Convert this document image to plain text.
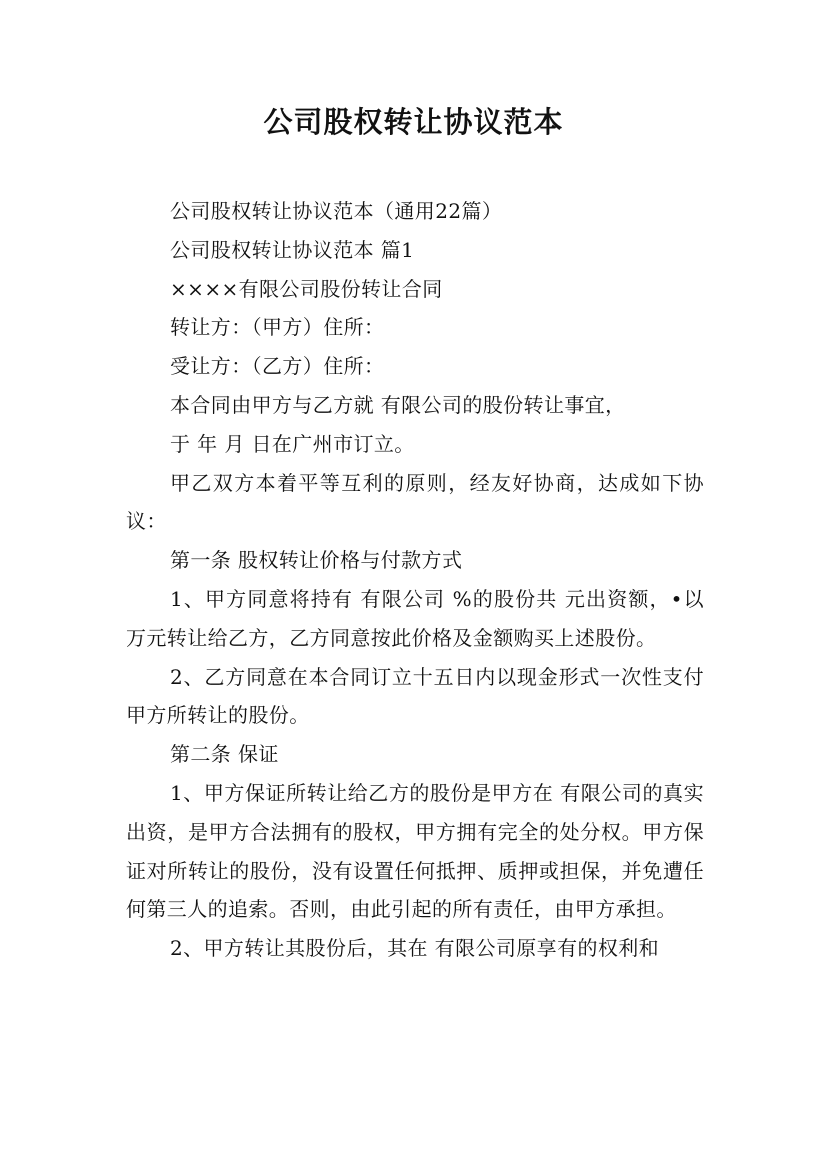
公司股权转让协议范本

公司股权转让协议范本（通用22篇）

公司股权转让协议范本 篇1

××××有限公司股份转让合同

转让方：（甲方）住所：

受让方：（乙方）住所：

本合同由甲方与乙方就 有限公司的股份转让事宜，

于 年 月 日在广州市订立。

甲乙双方本着平等互利的原则，经友好协商，达成如下协议：

第一条 股权转让价格与付款方式

1、甲方同意将持有 有限公司 %的股份共 元出资额，•以 万元转让给乙方，乙方同意按此价格及金额购买上述股份。

2、乙方同意在本合同订立十五日内以现金形式一次性支付甲方所转让的股份。

第二条 保证

1、甲方保证所转让给乙方的股份是甲方在 有限公司的真实出资，是甲方合法拥有的股权，甲方拥有完全的处分权。甲方保证对所转让的股份，没有设置任何抵押、质押或担保，并免遭任何第三人的追索。否则，由此引起的所有责任，由甲方承担。

2、甲方转让其股份后，其在 有限公司原享有的权利和
